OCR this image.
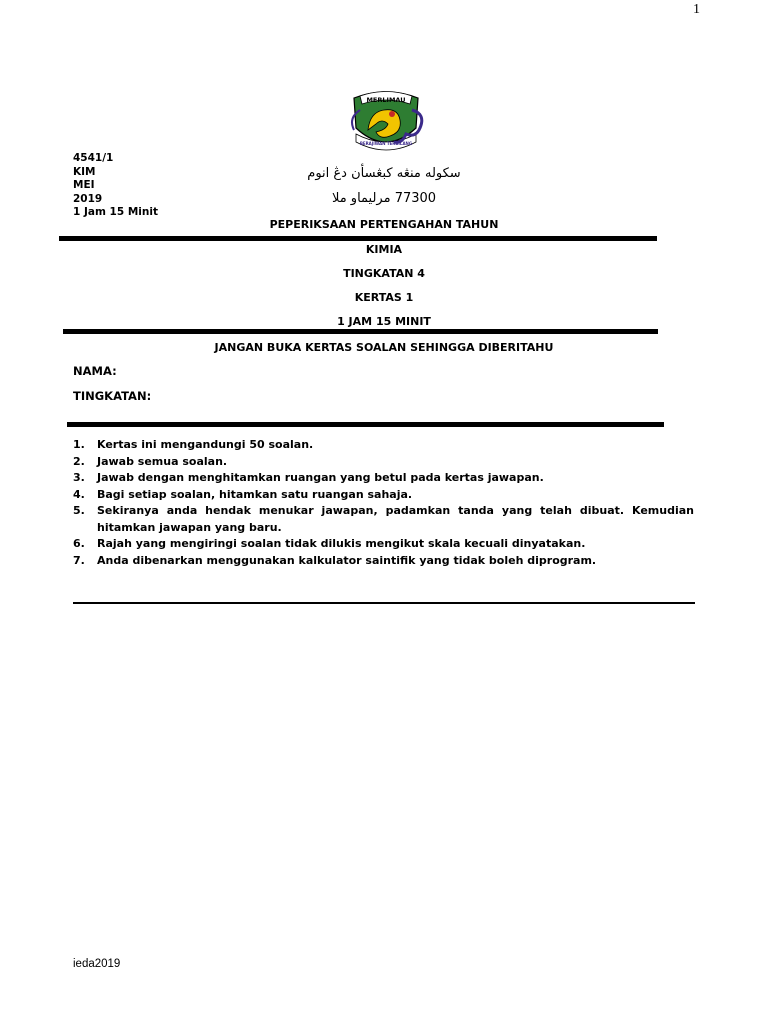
1
MERLIMAU
BERAJIWAN TERBILANG
4541/1
KIM
MEI
2019
1 Jam 15 Minit
سکوله منڠه کبڠسأن دڠ انوم
77300 مرليماو ملا
PEPERIKSAAN PERTENGAHAN TAHUN
KIMIA
TINGKATAN 4
KERTAS 1
1 JAM 15 MINIT
JANGAN BUKA KERTAS SOALAN SEHINGGA DIBERITAHU
NAMA:
TINGKATAN:
1.	Kertas ini mengandungi 50 soalan.
2.	Jawab semua soalan.
3.	Jawab dengan menghitamkan ruangan yang betul pada kertas jawapan.
4.	Bagi setiap soalan, hitamkan satu ruangan sahaja.
5.	Sekiranya anda hendak menukar jawapan, padamkan tanda yang telah dibuat. Kemudian hitamkan jawapan yang baru.
6.	Rajah yang mengiringi soalan tidak dilukis mengikut skala kecuali dinyatakan.
7.	Anda dibenarkan menggunakan kalkulator saintifik yang tidak boleh diprogram.
ieda2019
